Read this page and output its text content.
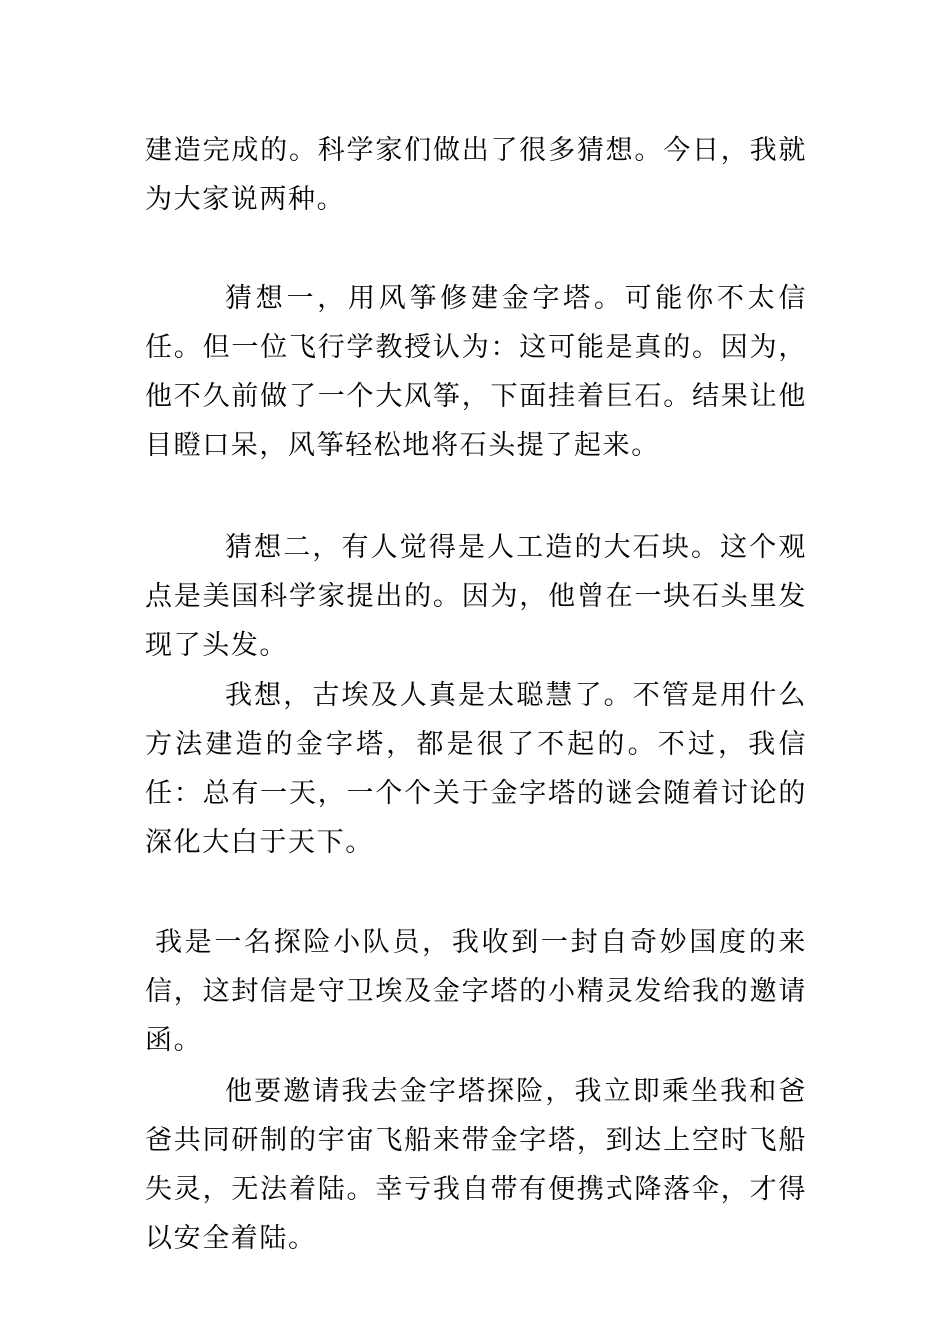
建造完成的。科学家们做出了很多猜想。今日，我就为大家说两种。

猜想一，用风筝修建金字塔。可能你不太信任。但一位飞行学教授认为：这可能是真的。因为，他不久前做了一个大风筝，下面挂着巨石。结果让他目瞪口呆，风筝轻松地将石头提了起来。

猜想二，有人觉得是人工造的大石块。这个观点是美国科学家提出的。因为，他曾在一块石头里发现了头发。

我想，古埃及人真是太聪慧了。不管是用什么方法建造的金字塔，都是很了不起的。不过，我信任：总有一天，一个个关于金字塔的谜会随着讨论的深化大白于天下。

我是一名探险小队员，我收到一封自奇妙国度的来信，这封信是守卫埃及金字塔的小精灵发给我的邀请函。

他要邀请我去金字塔探险，我立即乘坐我和爸爸共同研制的宇宙飞船来带金字塔，到达上空时飞船失灵，无法着陆。幸亏我自带有便携式降落伞，才得以安全着陆。
